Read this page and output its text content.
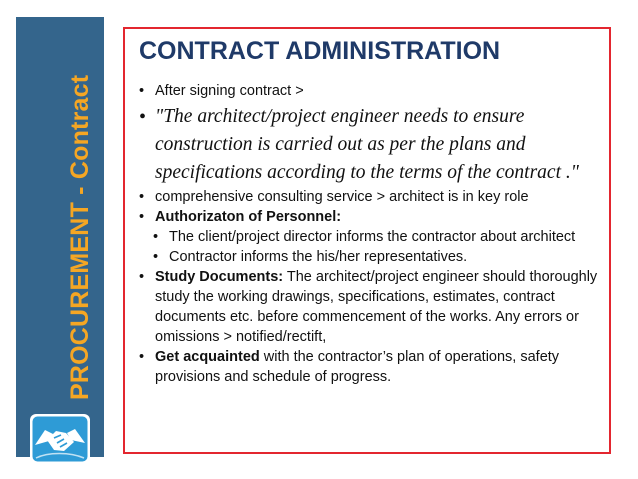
PROCUREMENT - Contract
CONTRACT ADMINISTRATION
• After signing contract >
• "The architect/project engineer needs to ensure construction is carried out as per the plans and specifications according to the terms of the contract ."
• comprehensive consulting service > architect is in key role
• Authorizaton of Personnel:
• The client/project director informs the contractor about architect
• Contractor informs the his/her representatives.
• Study Documents: The architect/project engineer should thoroughly study the working drawings, specifications, estimates, contract documents etc. before commencement of the works. Any errors or omissions > notified/rectift,
• Get acquainted with the contractor’s plan of operations, safety provisions and schedule of progress.
